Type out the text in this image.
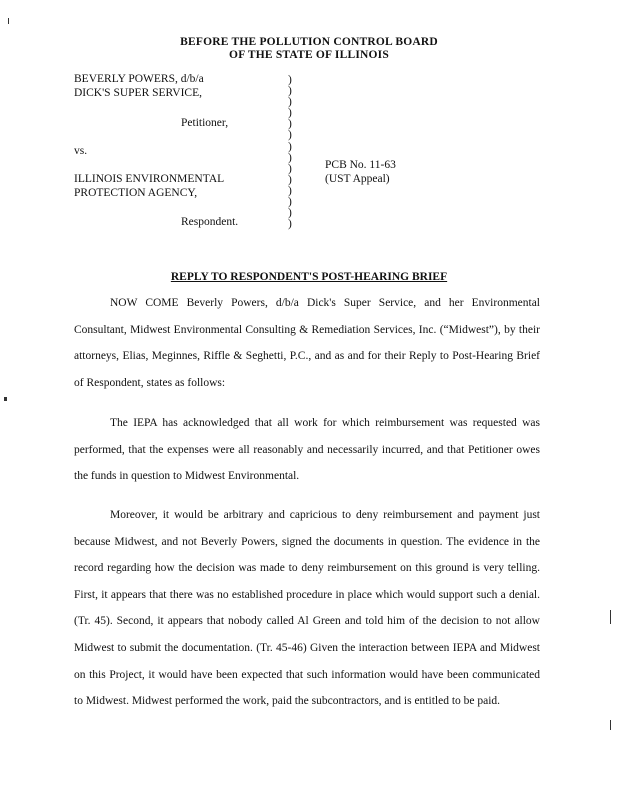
BEFORE THE POLLUTION CONTROL BOARD
OF THE STATE OF ILLINOIS
BEVERLY POWERS, d/b/a
DICK'S SUPER SERVICE,
Petitioner,
vs.
ILLINOIS ENVIRONMENTAL
PROTECTION AGENCY,
Respondent.
)
)
)
)
)
)
)
)
)
)
)
)
)
)
PCB No. 11-63
(UST Appeal)
REPLY TO RESPONDENT'S POST-HEARING BRIEF
NOW COME Beverly Powers, d/b/a Dick's Super Service, and her Environmental Consultant, Midwest Environmental Consulting & Remediation Services, Inc. (“Midwest”), by their attorneys, Elias, Meginnes, Riffle & Seghetti, P.C., and as and for their Reply to Post-Hearing Brief of Respondent, states as follows:
The IEPA has acknowledged that all work for which reimbursement was requested was performed, that the expenses were all reasonably and necessarily incurred, and that Petitioner owes the funds in question to Midwest Environmental.
Moreover, it would be arbitrary and capricious to deny reimbursement and payment just because Midwest, and not Beverly Powers, signed the documents in question. The evidence in the record regarding how the decision was made to deny reimbursement on this ground is very telling. First, it appears that there was no established procedure in place which would support such a denial. (Tr. 45). Second, it appears that nobody called Al Green and told him of the decision to not allow Midwest to submit the documentation. (Tr. 45-46) Given the interaction between IEPA and Midwest on this Project, it would have been expected that such information would have been communicated to Midwest. Midwest performed the work, paid the subcontractors, and is entitled to be paid.
